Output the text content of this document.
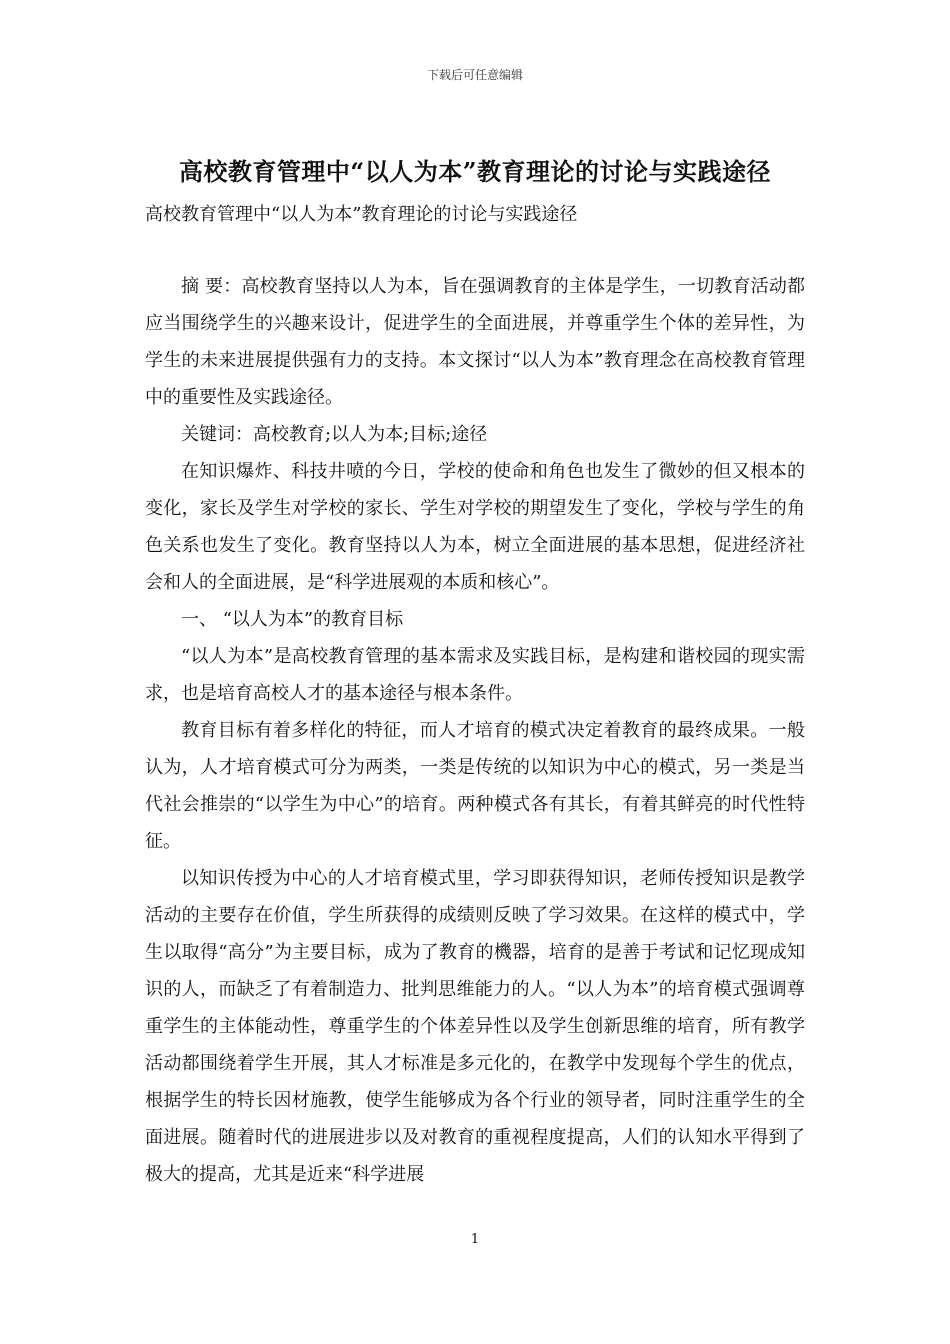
下载后可任意编辑
高校教育管理中“以人为本”教育理论的讨论与实践途径

高校教育管理中“以人为本”教育理论的讨论与实践途径

摘 要：高校教育坚持以人为本，旨在强调教育的主体是学生，一切教育活动都应当围绕学生的兴趣来设计，促进学生的全面进展，并尊重学生个体的差异性，为学生的未来进展提供强有力的支持。本文探讨“以人为本”教育理念在高校教育管理中的重要性及实践途径。

关键词：高校教育;以人为本;目标;途径

在知识爆炸、科技井喷的今日，学校的使命和角色也发生了微妙的但又根本的变化，家长及学生对学校的家长、学生对学校的期望发生了变化，学校与学生的角色关系也发生了变化。教育坚持以人为本，树立全面进展的基本思想，促进经济社会和人的全面进展，是“科学进展观的本质和核心”。

一、 “以人为本”的教育目标

“以人为本”是高校教育管理的基本需求及实践目标，是构建和谐校园的现实需求，也是培育高校人才的基本途径与根本条件。

教育目标有着多样化的特征，而人才培育的模式决定着教育的最终成果。一般认为，人才培育模式可分为两类，一类是传统的以知识为中心的模式，另一类是当代社会推崇的“以学生为中心”的培育。两种模式各有其长，有着其鲜亮的时代性特征。

以知识传授为中心的人才培育模式里，学习即获得知识，老师传授知识是教学活动的主要存在价值，学生所获得的成绩则反映了学习效果。在这样的模式中，学生以取得“高分”为主要目标，成为了教育的機器，培育的是善于考试和记忆现成知识的人，而缺乏了有着制造力、批判思维能力的人。“以人为本”的培育模式强调尊重学生的主体能动性，尊重学生的个体差异性以及学生创新思维的培育，所有教学活动都围绕着学生开展，其人才标准是多元化的，在教学中发现每个学生的优点，根据学生的特长因材施教，使学生能够成为各个行业的领导者，同时注重学生的全面进展。随着时代的进展进步以及对教育的重视程度提高，人们的认知水平得到了极大的提高，尤其是近来“科学进展

1
